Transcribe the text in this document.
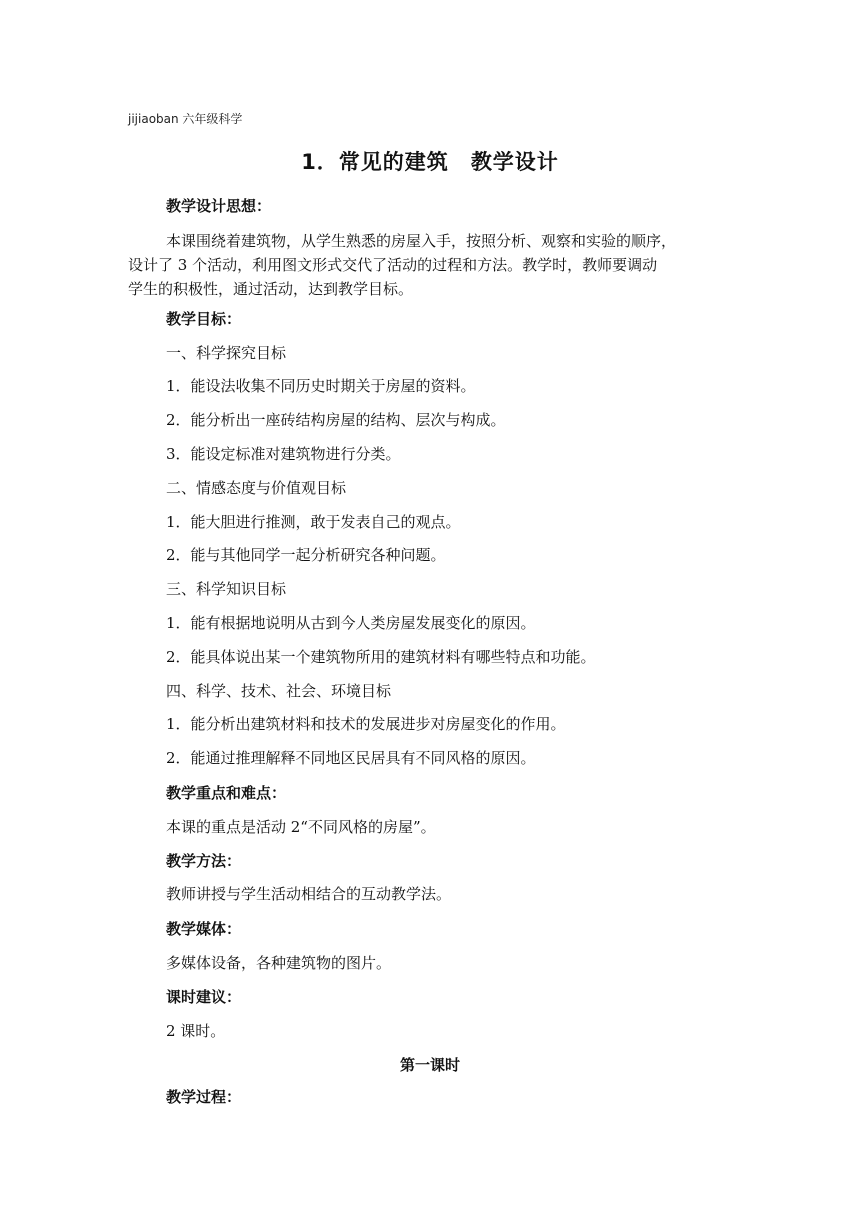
jijiaoban 六年级科学
1．常见的建筑 教学设计
教学设计思想：
本课围绕着建筑物，从学生熟悉的房屋入手，按照分析、观察和实验的顺序，
设计了 3 个活动，利用图文形式交代了活动的过程和方法。教学时，教师要调动
学生的积极性，通过活动，达到教学目标。
教学目标：
一、科学探究目标
1．能设法收集不同历史时期关于房屋的资料。
2．能分析出一座砖结构房屋的结构、层次与构成。
3．能设定标准对建筑物进行分类。
二、情感态度与价值观目标
1．能大胆进行推测，敢于发表自己的观点。
2．能与其他同学一起分析研究各种问题。
三、科学知识目标
1．能有根据地说明从古到今人类房屋发展变化的原因。
2．能具体说出某一个建筑物所用的建筑材料有哪些特点和功能。
四、科学、技术、社会、环境目标
1．能分析出建筑材料和技术的发展进步对房屋变化的作用。
2．能通过推理解释不同地区民居具有不同风格的原因。
教学重点和难点：
本课的重点是活动 2“不同风格的房屋”。
教学方法：
教师讲授与学生活动相结合的互动教学法。
教学媒体：
多媒体设备，各种建筑物的图片。
课时建议：
2 课时。
第一课时
教学过程：
